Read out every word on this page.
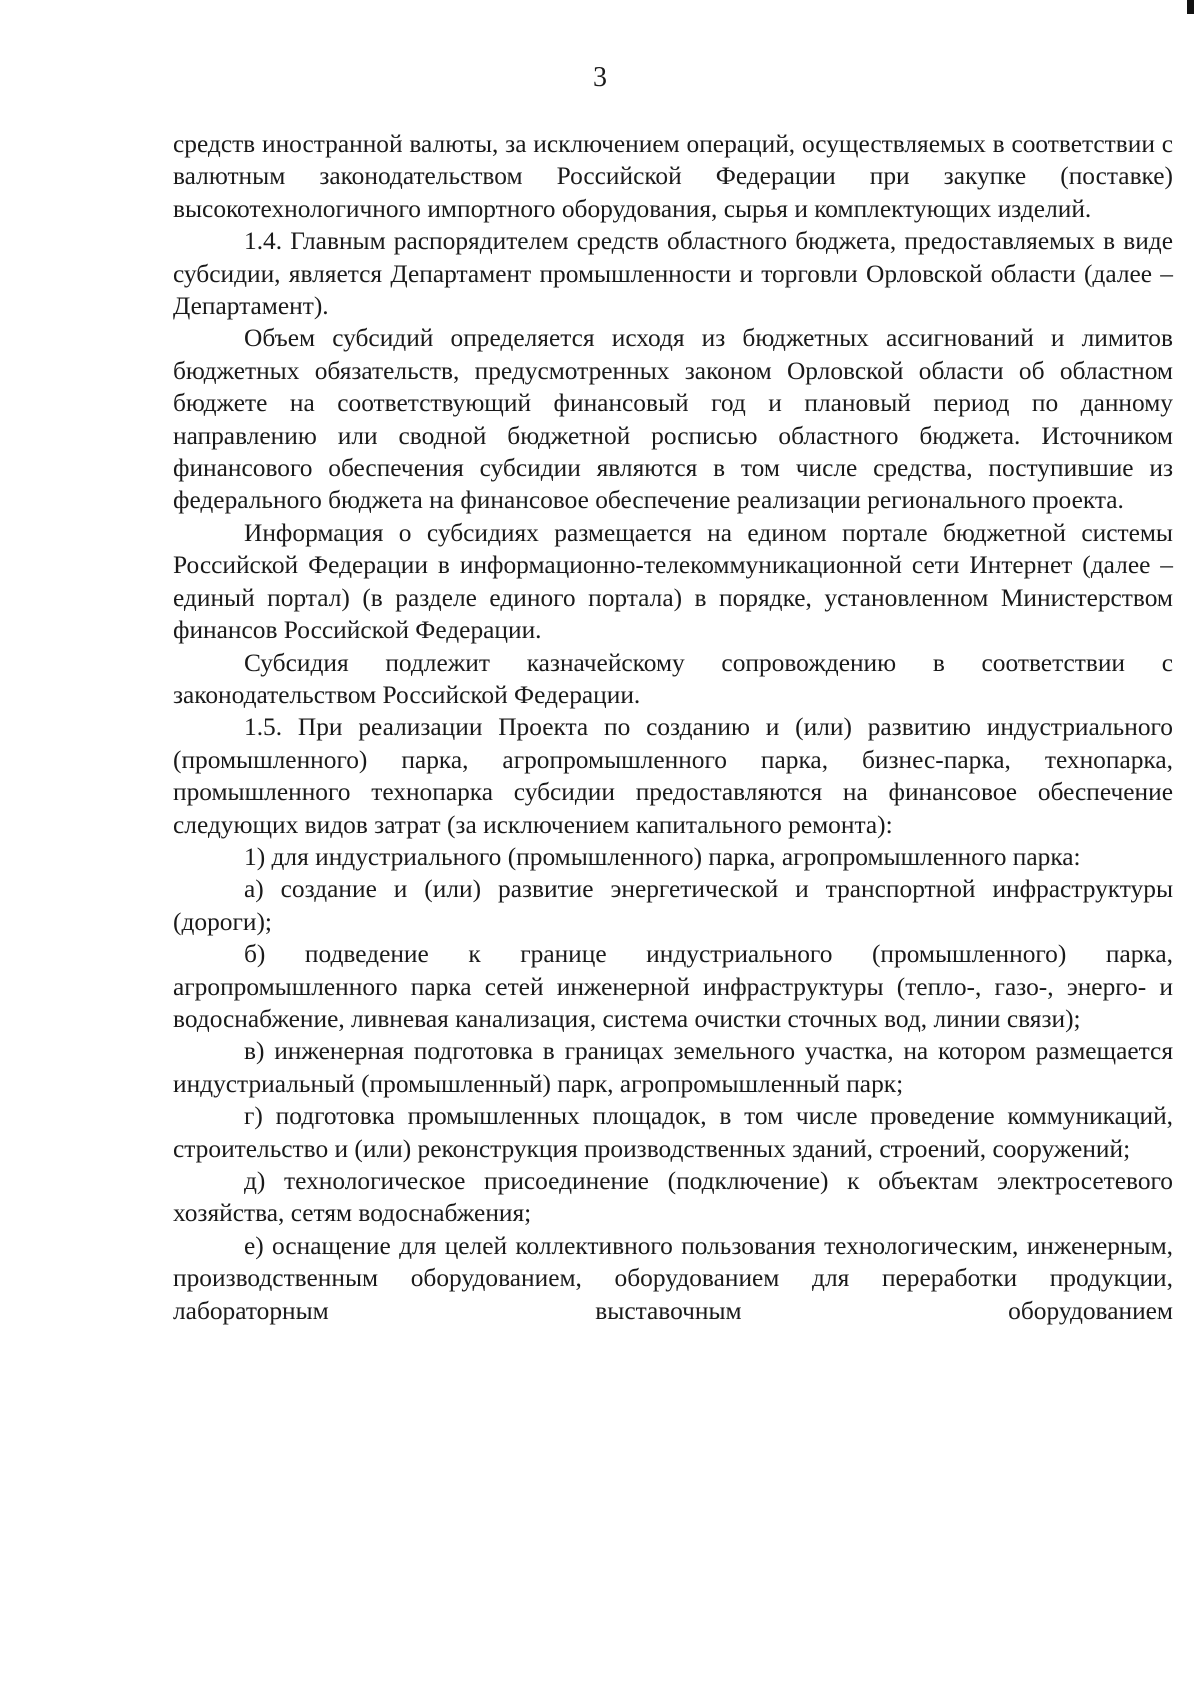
3

средств иностранной валюты, за исключением операций, осуществляемых в соответствии с валютным законодательством Российской Федерации при закупке (поставке) высокотехнологичного импортного оборудования, сырья и комплектующих изделий.

1.4. Главным распорядителем средств областного бюджета, предоставляемых в виде субсидии, является Департамент промышленности и торговли Орловской области (далее – Департамент).

Объем субсидий определяется исходя из бюджетных ассигнований и лимитов бюджетных обязательств, предусмотренных законом Орловской области об областном бюджете на соответствующий финансовый год и плановый период по данному направлению или сводной бюджетной росписью областного бюджета. Источником финансового обеспечения субсидии являются в том числе средства, поступившие из федерального бюджета на финансовое обеспечение реализации регионального проекта.

Информация о субсидиях размещается на едином портале бюджетной системы Российской Федерации в информационно-телекоммуникационной сети Интернет (далее – единый портал) (в разделе единого портала) в порядке, установленном Министерством финансов Российской Федерации.

Субсидия подлежит казначейскому сопровождению в соответствии с законодательством Российской Федерации.

1.5. При реализации Проекта по созданию и (или) развитию индустриального (промышленного) парка, агропромышленного парка, бизнес-парка, технопарка, промышленного технопарка субсидии предоставляются на финансовое обеспечение следующих видов затрат (за исключением капитального ремонта):

1) для индустриального (промышленного) парка, агропромышленного парка:

а) создание и (или) развитие энергетической и транспортной инфраструктуры (дороги);

б) подведение к границе индустриального (промышленного) парка, агропромышленного парка сетей инженерной инфраструктуры (тепло-, газо-, энерго- и водоснабжение, ливневая канализация, система очистки сточных вод, линии связи);

в) инженерная подготовка в границах земельного участка, на котором размещается индустриальный (промышленный) парк, агропромышленный парк;

г) подготовка промышленных площадок, в том числе проведение коммуникаций, строительство и (или) реконструкция производственных зданий, строений, сооружений;

д) технологическое присоединение (подключение) к объектам электросетевого хозяйства, сетям водоснабжения;

е) оснащение для целей коллективного пользования технологическим, инженерным, производственным оборудованием, оборудованием для переработки продукции, лабораторным выставочным оборудованием
